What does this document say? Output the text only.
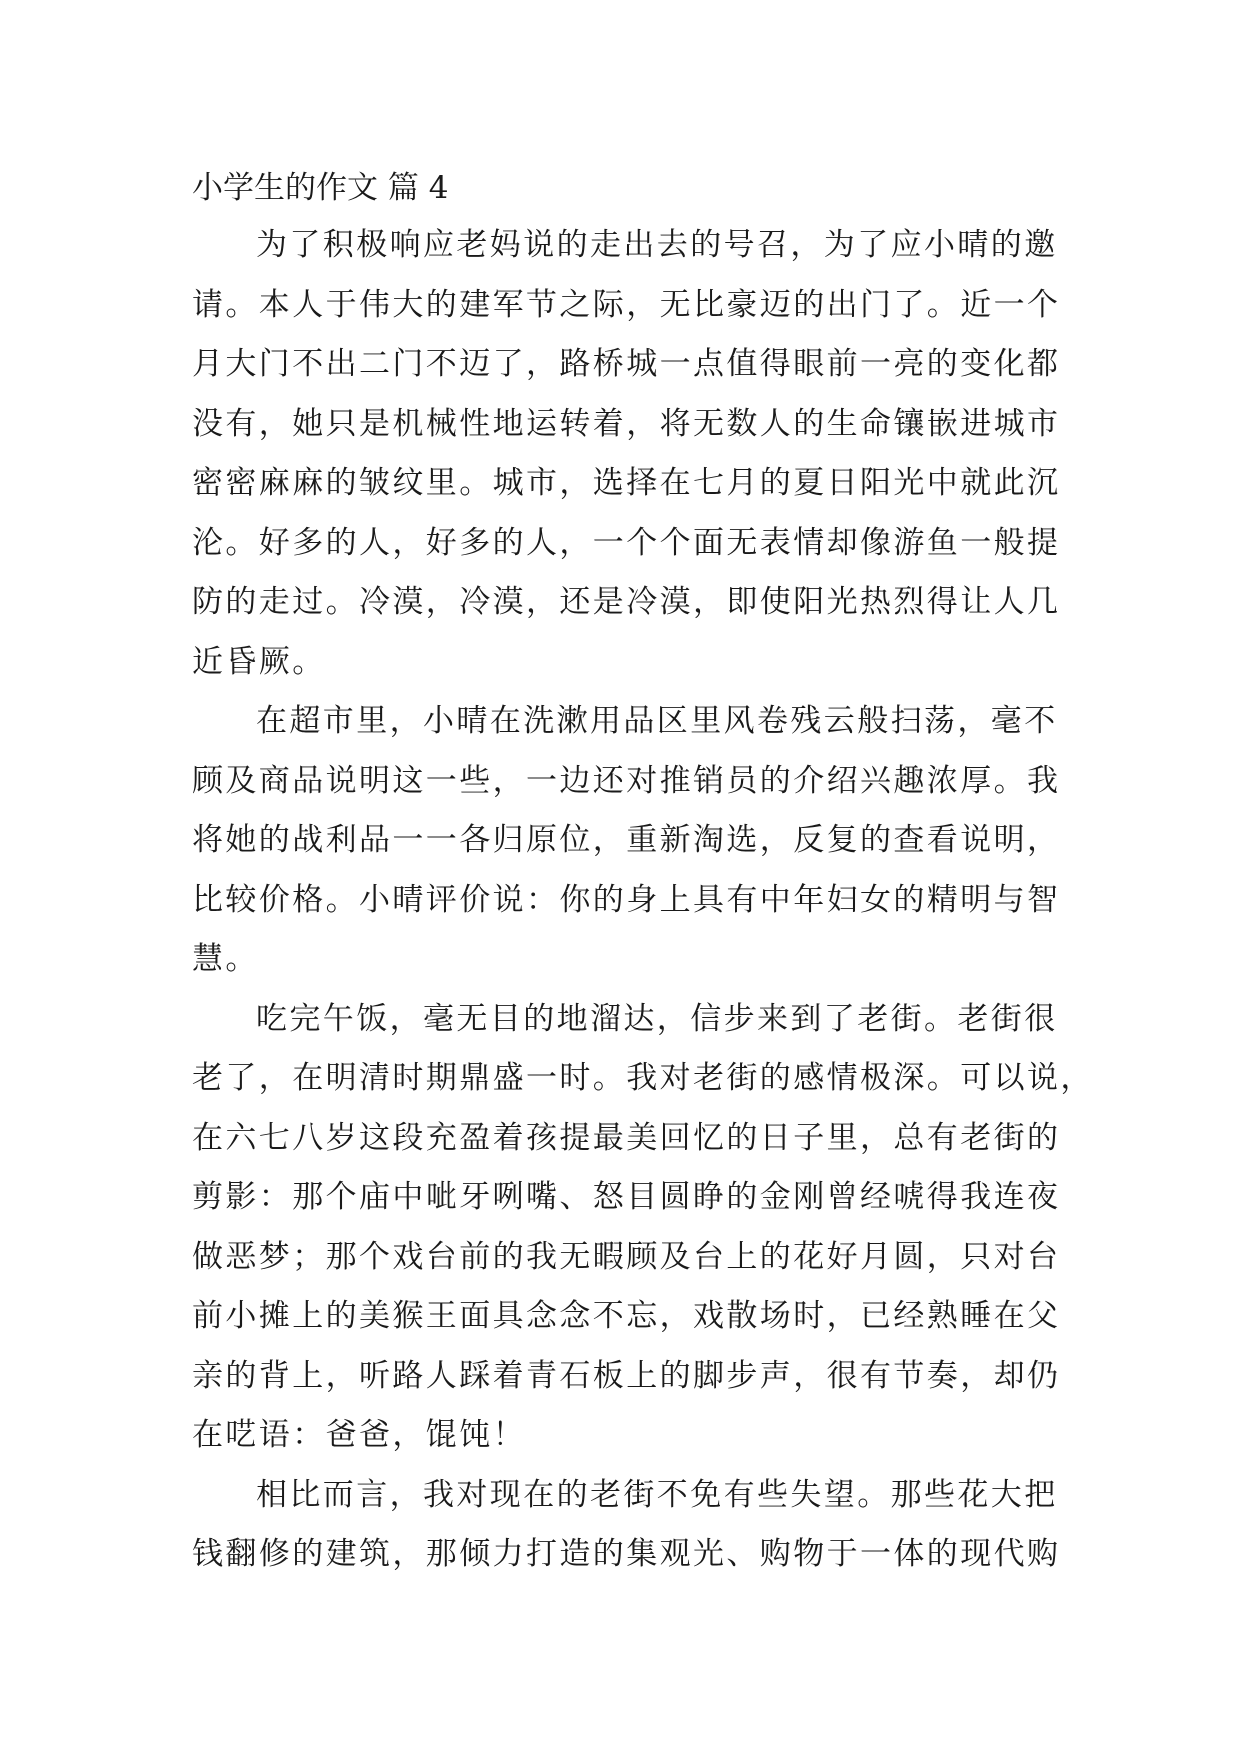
小学生的作文 篇 4
为了积极响应老妈说的走出去的号召，为了应小晴的邀
请。本人于伟大的建军节之际，无比豪迈的出门了。近一个
月大门不出二门不迈了，路桥城一点值得眼前一亮的变化都
没有，她只是机械性地运转着，将无数人的生命镶嵌进城市
密密麻麻的皱纹里。城市，选择在七月的夏日阳光中就此沉
沦。好多的人，好多的人，一个个面无表情却像游鱼一般提
防的走过。冷漠，冷漠，还是冷漠，即使阳光热烈得让人几
近昏厥。
在超市里，小晴在洗漱用品区里风卷残云般扫荡，毫不
顾及商品说明这一些，一边还对推销员的介绍兴趣浓厚。我
将她的战利品一一各归原位，重新淘选，反复的查看说明，
比较价格。小晴评价说：你的身上具有中年妇女的精明与智
慧。
吃完午饭，毫无目的地溜达，信步来到了老街。老街很
老了，在明清时期鼎盛一时。我对老街的感情极深。可以说，
在六七八岁这段充盈着孩提最美回忆的日子里，总有老街的
剪影：那个庙中呲牙咧嘴、怒目圆睁的金刚曾经唬得我连夜
做恶梦；那个戏台前的我无暇顾及台上的花好月圆，只对台
前小摊上的美猴王面具念念不忘，戏散场时，已经熟睡在父
亲的背上，听路人踩着青石板上的脚步声，很有节奏，却仍
在呓语：爸爸，馄饨！
相比而言，我对现在的老街不免有些失望。那些花大把
钱翻修的建筑，那倾力打造的集观光、购物于一体的现代购
